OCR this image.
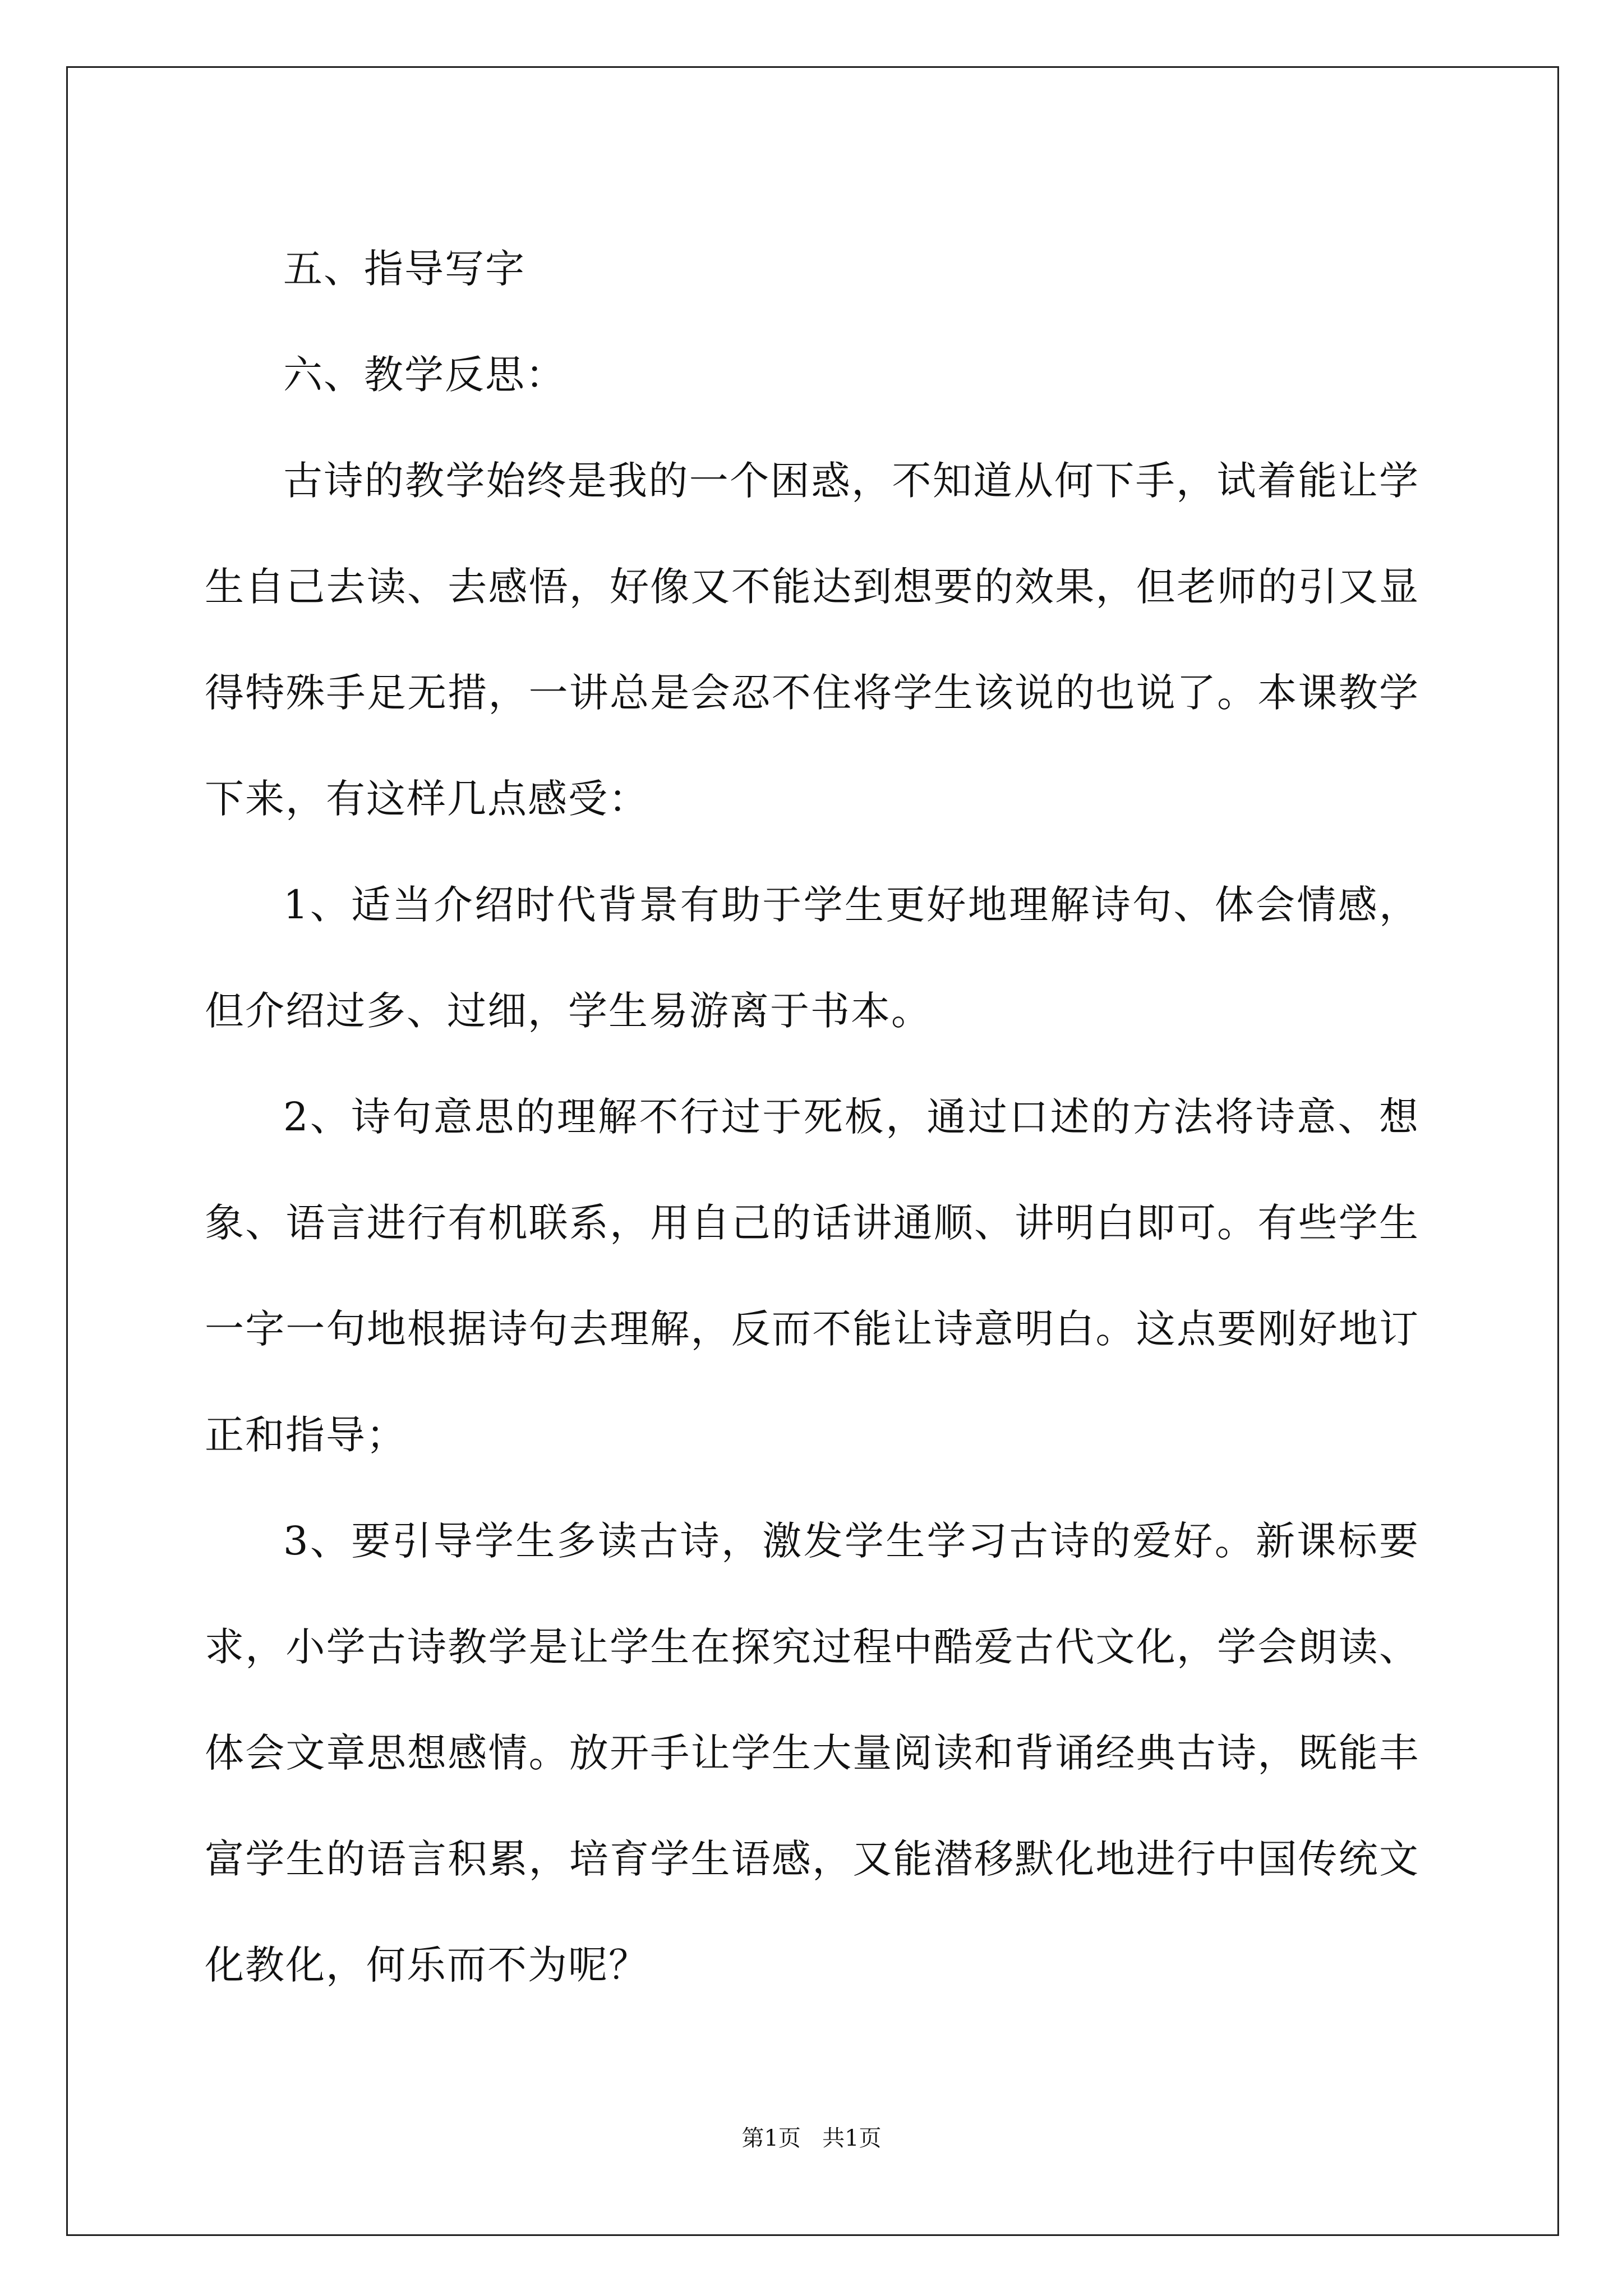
五、指导写字

六、教学反思：

古诗的教学始终是我的一个困惑，不知道从何下手，试着能让学生自己去读、去感悟，好像又不能达到想要的效果，但老师的引又显得特殊手足无措，一讲总是会忍不住将学生该说的也说了。本课教学下来，有这样几点感受：

1、适当介绍时代背景有助于学生更好地理解诗句、体会情感，但介绍过多、过细，学生易游离于书本。

2、诗句意思的理解不行过于死板，通过口述的方法将诗意、想象、语言进行有机联系，用自己的话讲通顺、讲明白即可。有些学生一字一句地根据诗句去理解，反而不能让诗意明白。这点要刚好地订正和指导；

3、要引导学生多读古诗，激发学生学习古诗的爱好。新课标要求，小学古诗教学是让学生在探究过程中酷爱古代文化，学会朗读、体会文章思想感情。放开手让学生大量阅读和背诵经典古诗，既能丰富学生的语言积累，培育学生语感，又能潜移默化地进行中国传统文化教化，何乐而不为呢？

第1页 共1页
